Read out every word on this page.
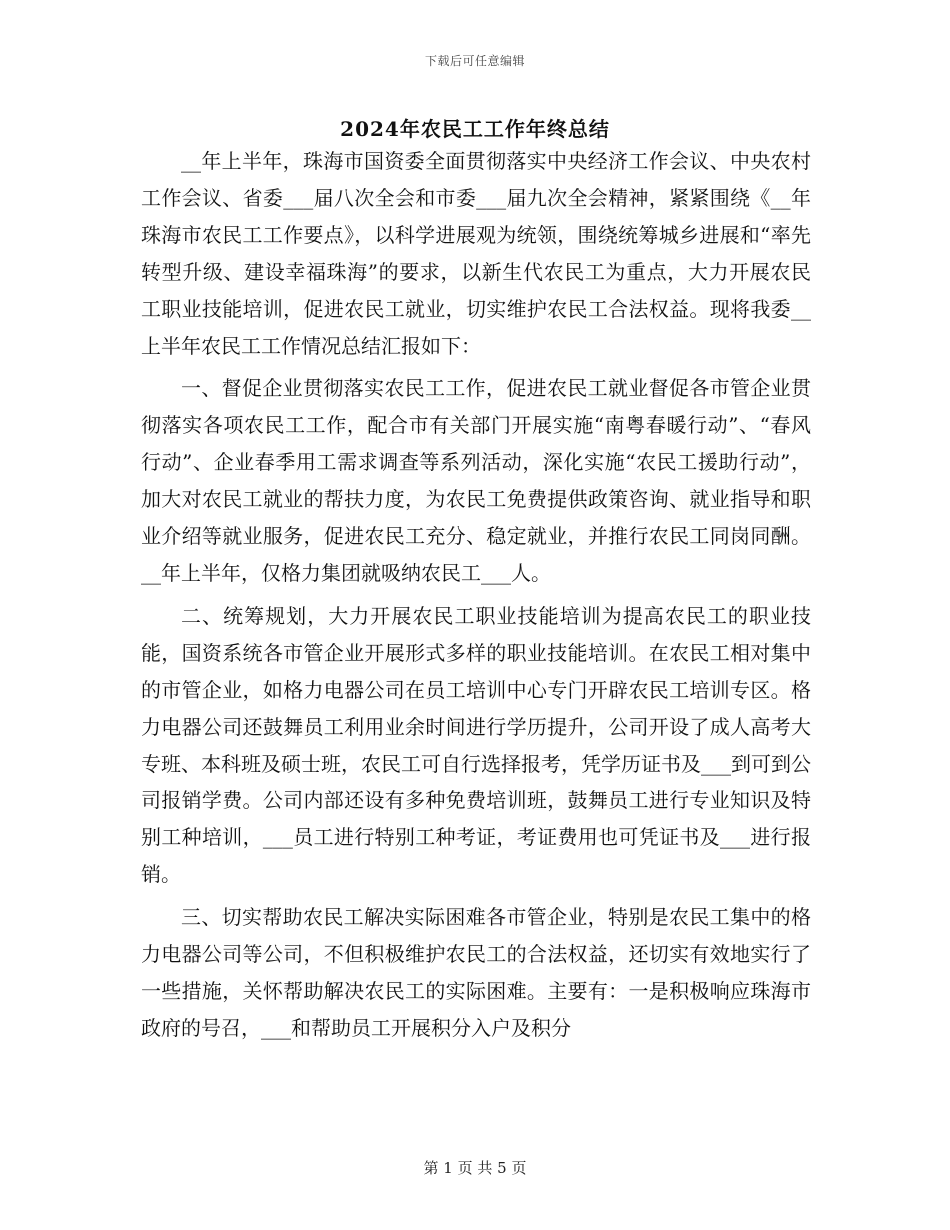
下载后可任意编辑
2024年农民工工作年终总结

__年上半年，珠海市国资委全面贯彻落实中央经济工作会议、中央农村工作会议、省委___届八次全会和市委___届九次全会精神，紧紧围绕《__年珠海市农民工工作要点》，以科学进展观为统领，围绕统筹城乡进展和“率先转型升级、建设幸福珠海”的要求，以新生代农民工为重点，大力开展农民工职业技能培训，促进农民工就业，切实维护农民工合法权益。现将我委__上半年农民工工作情况总结汇报如下：

一、督促企业贯彻落实农民工工作，促进农民工就业督促各市管企业贯彻落实各项农民工工作，配合市有关部门开展实施“南粤春暖行动”、“春风行动”、企业春季用工需求调查等系列活动，深化实施“农民工援助行动”，加大对农民工就业的帮扶力度，为农民工免费提供政策咨询、就业指导和职业介绍等就业服务，促进农民工充分、稳定就业，并推行农民工同岗同酬。__年上半年，仅格力集团就吸纳农民工___人。

二、统筹规划，大力开展农民工职业技能培训为提高农民工的职业技能，国资系统各市管企业开展形式多样的职业技能培训。在农民工相对集中的市管企业，如格力电器公司在员工培训中心专门开辟农民工培训专区。格力电器公司还鼓舞员工利用业余时间进行学历提升，公司开设了成人高考大专班、本科班及硕士班，农民工可自行选择报考，凭学历证书及___到可到公司报销学费。公司内部还设有多种免费培训班，鼓舞员工进行专业知识及特别工种培训，___员工进行特别工种考证，考证费用也可凭证书及___进行报销。

三、切实帮助农民工解决实际困难各市管企业，特别是农民工集中的格力电器公司等公司，不但积极维护农民工的合法权益，还切实有效地实行了一些措施，关怀帮助解决农民工的实际困难。主要有：一是积极响应珠海市政府的号召，___和帮助员工开展积分入户及积分

第 1 页 共 5 页
